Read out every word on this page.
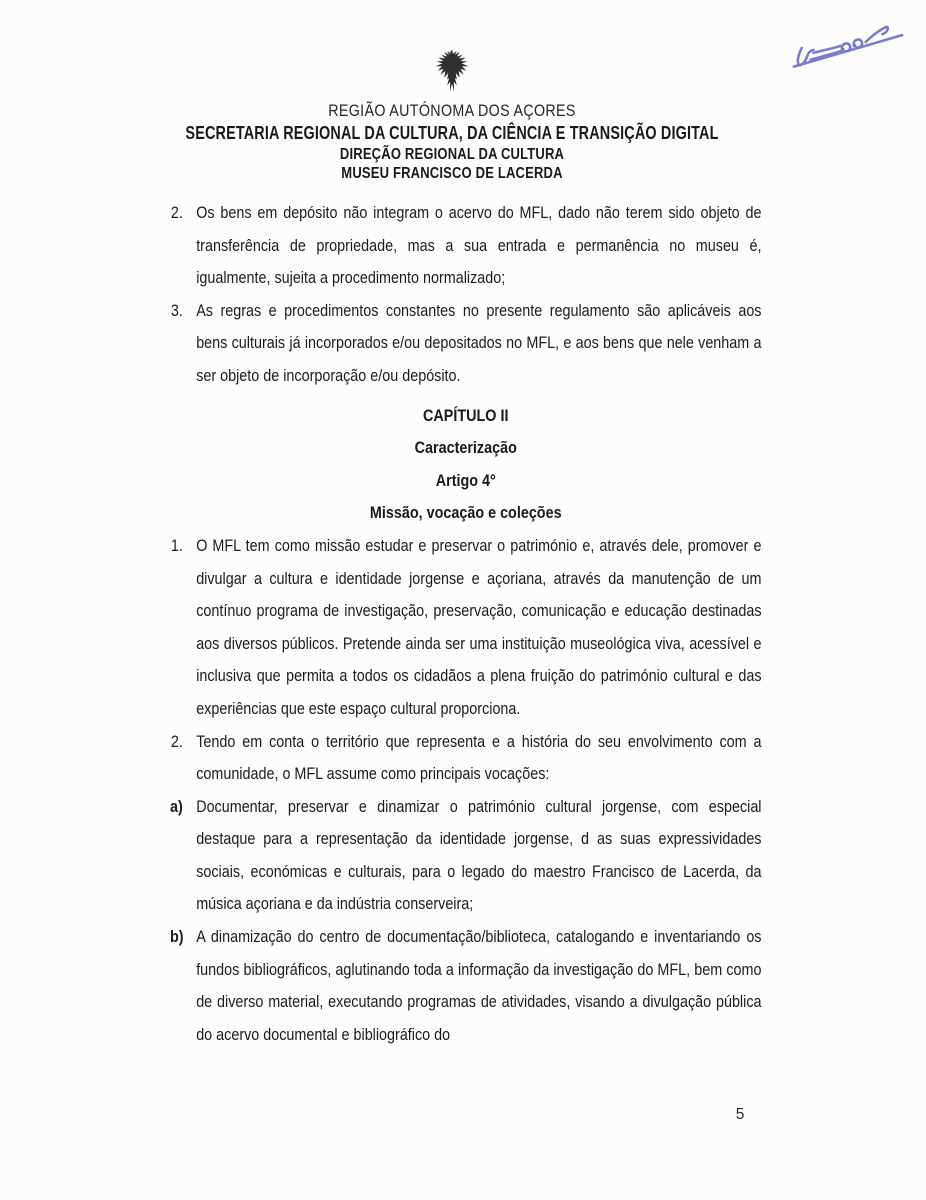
REGIÃO AUTÓNOMA DOS AÇORES
SECRETARIA REGIONAL DA CULTURA, DA CIÊNCIA E TRANSIÇÃO DIGITAL
DIREÇÃO REGIONAL DA CULTURA
MUSEU FRANCISCO DE LACERDA
2. Os bens em depósito não integram o acervo do MFL, dado não terem sido objeto de transferência de propriedade, mas a sua entrada e permanência no museu é, igualmente, sujeita a procedimento normalizado;
3. As regras e procedimentos constantes no presente regulamento são aplicáveis aos bens culturais já incorporados e/ou depositados no MFL, e aos bens que nele venham a ser objeto de incorporação e/ou depósito.
CAPÍTULO II
Caracterização
Artigo 4°
Missão, vocação e coleções
1. O MFL tem como missão estudar e preservar o património e, através dele, promover e divulgar a cultura e identidade jorgense e açoriana, através da manutenção de um contínuo programa de investigação, preservação, comunicação e educação destinadas aos diversos públicos. Pretende ainda ser uma instituição museológica viva, acessível e inclusiva que permita a todos os cidadãos a plena fruição do património cultural e das experiências que este espaço cultural proporciona.
2. Tendo em conta o território que representa e a história do seu envolvimento com a comunidade, o MFL assume como principais vocações:
a) Documentar, preservar e dinamizar o património cultural jorgense, com especial destaque para a representação da identidade jorgense, d as suas expressividades sociais, económicas e culturais, para o legado do maestro Francisco de Lacerda, da música açoriana e da indústria conserveira;
b) A dinamização do centro de documentação/biblioteca, catalogando e inventariando os fundos bibliográficos, aglutinando toda a informação da investigação do MFL, bem como de diverso material, executando programas de atividades, visando a divulgação pública do acervo documental e bibliográfico do
5
